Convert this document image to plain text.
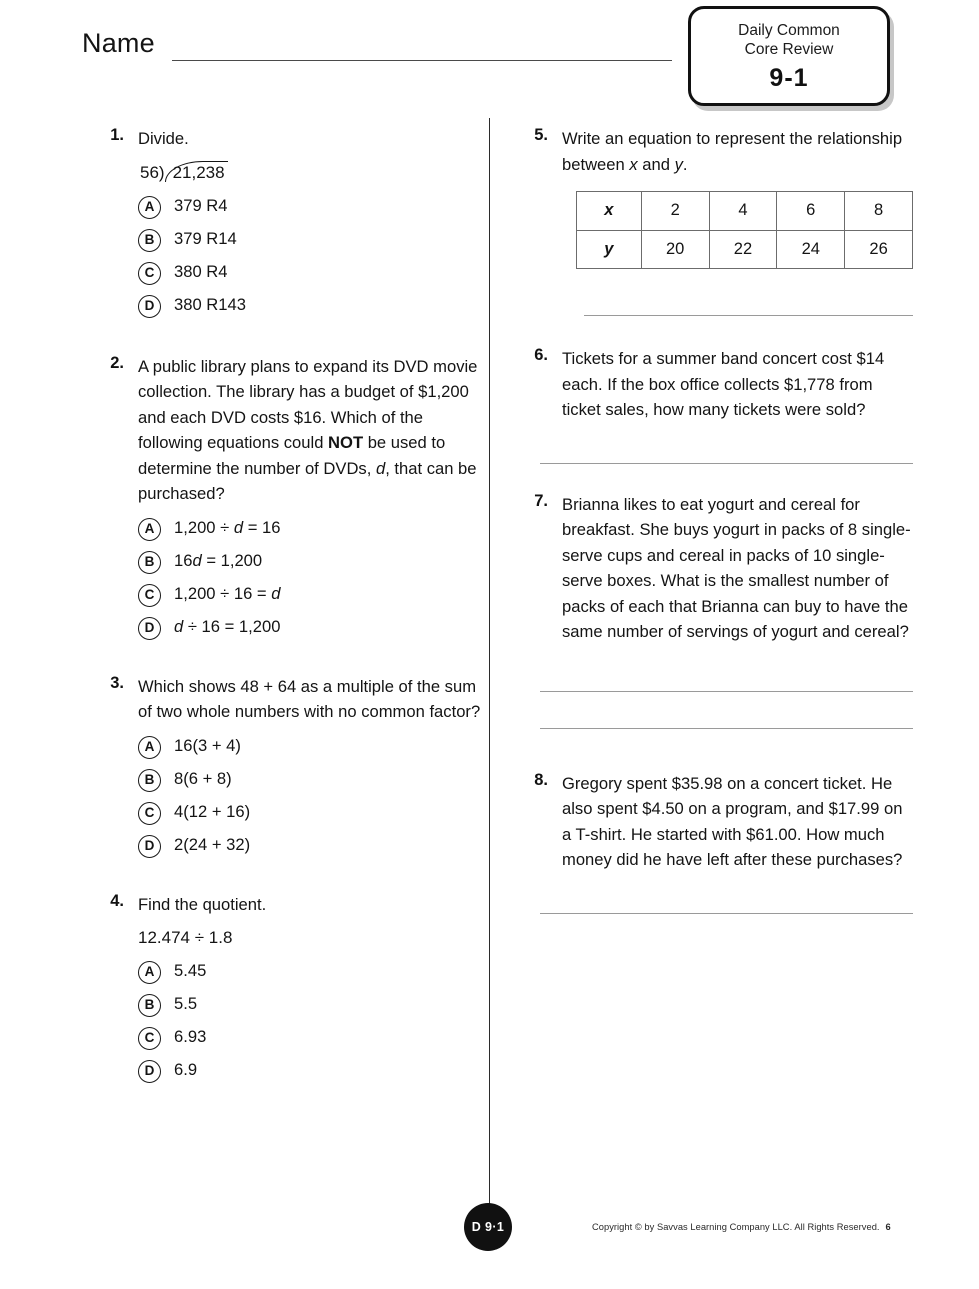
Name	Daily Common
Core Review
9-1
1. Divide.

56) 21,238
A	379 R4
B	379 R14
C	380 R4
D	380 R143
2. A public library plans to expand its DVD movie collection. The library has a budget of $1,200 and each DVD costs $16. Which of the following equations could NOT be used to determine the number of DVDs, d, that can be purchased?

A	1,200 ÷ d = 16
B	16d = 1,200
C	1,200 ÷ 16 = d
D	d ÷ 16 = 1,200
3. Which shows 48 + 64 as a multiple of the sum of two whole numbers with no common factor?

A	16(3 + 4)
B	8(6 + 8)
C	4(12 + 16)
D	2(24 + 32)
4. Find the quotient.

12.474 ÷ 1.8
A	5.45
B	5.5
C	6.93
D	6.9
5. Write an equation to represent the relationship between x and y.

x	2	4	6	8
y	20	22	24	26
6. Tickets for a summer band concert cost $14 each. If the box office collects $1,778 from ticket sales, how many tickets were sold?

7. Brianna likes to eat yogurt and cereal for breakfast. She buys yogurt in packs of 8 single-serve cups and cereal in packs of 10 single-serve boxes. What is the smallest number of packs of each that Brianna can buy to have the same number of servings of yogurt and cereal?

8. Gregory spent $35.98 on a concert ticket. He also spent $4.50 on a program, and $17.99 on a T-shirt. He started with $61.00. How much money did he have left after these purchases?

D 9·1	Copyright © by Savvas Learning Company LLC. All Rights Reserved. 6
